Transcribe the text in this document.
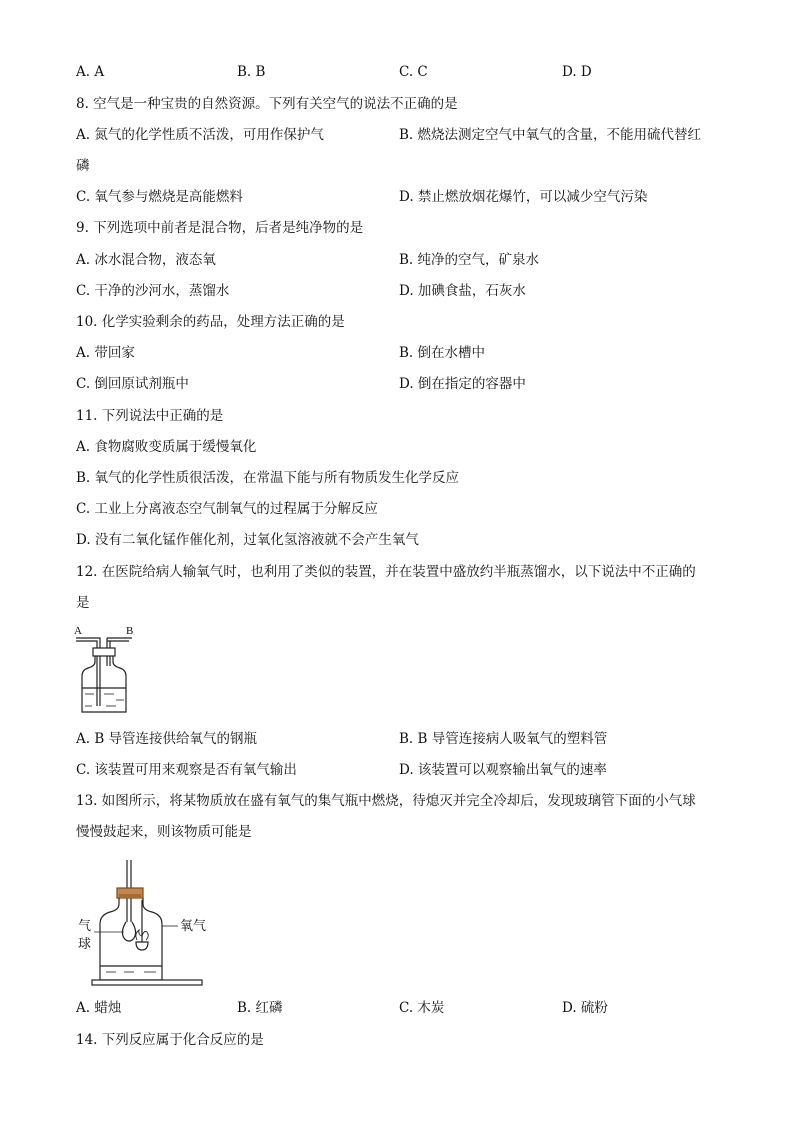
A. A	B. B	C. C	D. D
8. 空气是一种宝贵的自然资源。下列有关空气的说法不正确的是
A. 氮气的化学性质不活泼，可用作保护气	B. 燃烧法测定空气中氧气的含量，不能用硫代替红
磷
C. 氧气参与燃烧是高能燃料	D. 禁止燃放烟花爆竹，可以减少空气污染
9. 下列选项中前者是混合物，后者是纯净物的是
A. 冰水混合物，液态氧	B. 纯净的空气，矿泉水
C. 干净的沙河水，蒸馏水	D. 加碘食盐，石灰水
10. 化学实验剩余的药品，处理方法正确的是
A. 带回家	B. 倒在水槽中
C. 倒回原试剂瓶中	D. 倒在指定的容器中
11. 下列说法中正确的是
A. 食物腐败变质属于缓慢氧化
B. 氧气的化学性质很活泼，在常温下能与所有物质发生化学反应
C. 工业上分离液态空气制氧气的过程属于分解反应
D. 没有二氧化锰作催化剂，过氧化氢溶液就不会产生氧气
12. 在医院给病人输氧气时，也利用了类似的装置，并在装置中盛放约半瓶蒸馏水，以下说法中不正确的
是
A	B
A. B 导管连接供给氧气的钢瓶	B. B 导管连接病人吸氧气的塑料管
C. 该装置可用来观察是否有氧气输出	D. 该装置可以观察输出氧气的速率
13. 如图所示，将某物质放在盛有氧气的集气瓶中燃烧，待熄灭并完全冷却后，发现玻璃管下面的小气球
慢慢鼓起来，则该物质可能是
气
球
氧气
A. 蜡烛	B. 红磷	C. 木炭	D. 硫粉
14. 下列反应属于化合反应的是
